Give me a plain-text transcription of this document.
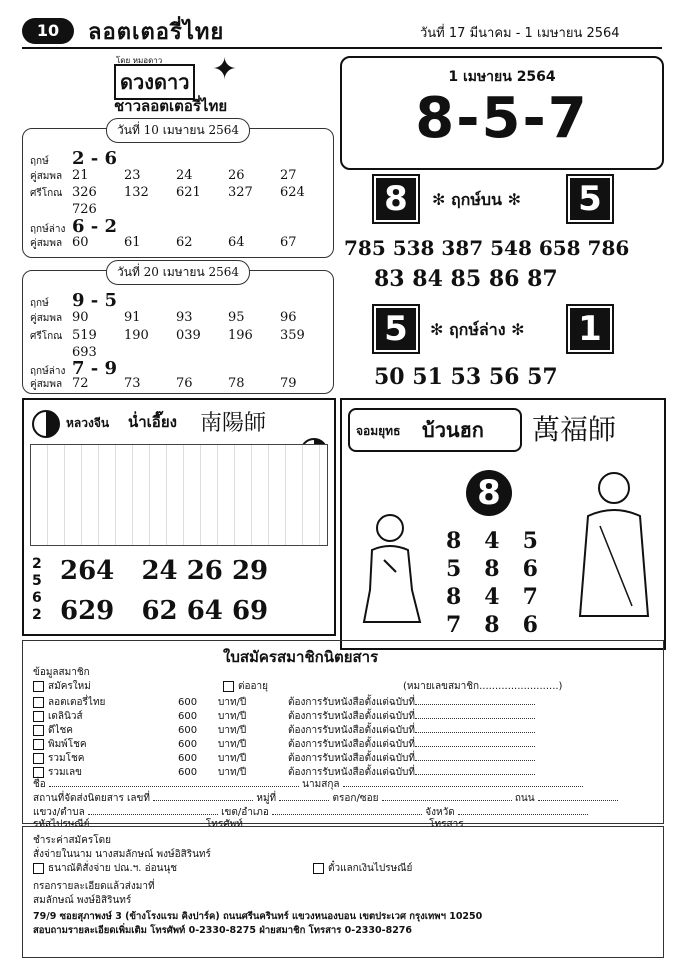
10	ลอตเตอรี่ไทย	วันที่ 17 มีนาคม - 1 เมษายน 2564
โดย หมอดาว
ดวงดาว ✦
ชาวลอตเตอรี่ไทย
วันที่ 10 เมษายน 2564
ฤกษ์ 2 - 6
คู่สมพล 21	23	24	26	27
ศรีโกณ 326 132 621 327 624
726
ฤกษ์ล่าง 6 - 2
คู่สมพล 60	61	62	64	67
วันที่ 20 เมษายน 2564
ฤกษ์ 9 - 5
คู่สมพล 90	91	93	95	96
ศรีโกณ 519 190 039 196 359
693
ฤกษ์ล่าง 7 - 9
คู่สมพล 72	73	76	78	79
1 เมษายน 2564
8-5-7
8	✻ ฤกษ์บน ✻	5
785 538 387 548 658 786
83 84 85 86 87
5	✻ ฤกษ์ล่าง ✻	1
50 51 53 56 57
หลวงจีน น่ำเอี๊ยง 南陽師
2562
264 24 26 29
629 62 64 69
จอมยุทธ บ้วนฮก 萬福師
8
8 4 5
5 8 6
8 4 7
7 8 6
ใบสมัครสมาชิกนิตยสาร
ข้อมูลสมาชิก
สมัครใหม่	ต่ออายุ	(หมายเลขสมาชิก.........................)
ลอตเตอรี่ไทย	600 บาท/ปี	ต้องการรับหนังสือตั้งแต่ฉบับที่
เดลินิวส์	600 บาท/ปี	ต้องการรับหนังสือตั้งแต่ฉบับที่
ดีไชค	600 บาท/ปี	ต้องการรับหนังสือตั้งแต่ฉบับที่
พิมพ์โชค	600 บาท/ปี	ต้องการรับหนังสือตั้งแต่ฉบับที่
รวมโชค	600 บาท/ปี	ต้องการรับหนังสือตั้งแต่ฉบับที่
รวมเลข	600 บาท/ปี	ต้องการรับหนังสือตั้งแต่ฉบับที่
ชื่อ	นามสกุล
สถานที่จัดส่งนิตยสาร เลขที่	หมู่ที่	ตรอก/ซอย	ถนน
แขวง/ตำบล	เขต/อำเภอ	จังหวัด
รหัสไปรษณีย์	โทรศัพท์	โทรสาร
ชำระค่าสมัครโดย
สั่งจ่ายในนาม นางสมลักษณ์ พงษ์อิสิรินทร์
ธนาณัติสั่งจ่าย ปณ.ฯ. อ่อนนุช	ตั๋วแลกเงินไปรษณีย์
กรอกรายละเอียดแล้วส่งมาที่
สมลักษณ์ พงษ์อิสิรินทร์
79/9 ซอยสุภาพงษ์ 3 (ข้างโรงแรม คิงปาร์ค) ถนนศรีนครินทร์ แขวงหนองบอน เขตประเวศ กรุงเทพฯ 10250
สอบถามรายละเอียดเพิ่มเติม โทรศัพท์ 0-2330-8275 ฝ่ายสมาชิก โทรสาร 0-2330-8276
